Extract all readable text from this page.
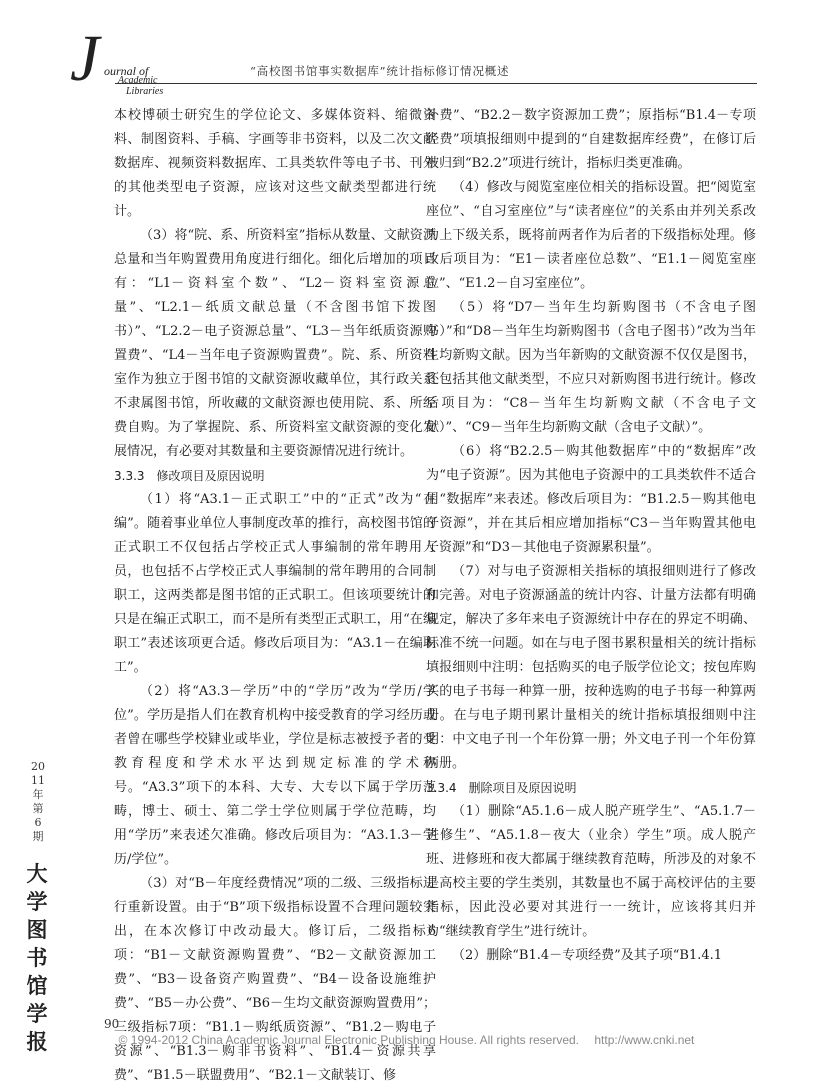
J ournal of
Academic
Libraries
“高校图书馆事实数据库”统计指标修订情况概述

本校博硕士研究生的学位论文、多媒体资料、缩微资料、制图资料、手稿、字画等非书资料，以及二次文献数据库、视频资料数据库、工具类软件等电子书、刊外的其他类型电子资源，应该对这些文献类型都进行统计。

（3）将“院、系、所资料室”指标从数量、文献资源总量和当年购置费用角度进行细化。细化后增加的项目有：“L1－资料室个数”、“L2－资料室资源总量”、“L2.1－纸质文献总量（不含图书馆下拨图书）”、“L2.2－电子资源总量”、“L3－当年纸质资源购置费”、“L4－当年电子资源购置费”。院、系、所资料室作为独立于图书馆的文献资源收藏单位，其行政关系不隶属图书馆，所收藏的文献资源也使用院、系、所经费自购。为了掌握院、系、所资料室文献资源的变化发展情况，有必要对其数量和主要资源情况进行统计。

3.3.3　修改项目及原因说明

（1）将“A3.1－正式职工”中的“正式”改为“在编”。随着事业单位人事制度改革的推行，高校图书馆的正式职工不仅包括占学校正式人事编制的常年聘用人员，也包括不占学校正式人事编制的常年聘用的合同制职工，这两类都是图书馆的正式职工。但该项要统计的只是在编正式职工，而不是所有类型正式职工，用“在编职工”表述该项更合适。修改后项目为：“A3.1－在编职工”。

（2）将“A3.3－学历”中的“学历”改为“学历/学位”。学历是指人们在教育机构中接受教育的学习经历或者曾在哪些学校肄业或毕业，学位是标志被授予者的受教育程度和学术水平达到规定标准的学术称号。“A3.3”项下的本科、大专、大专以下属于学历范畴，博士、硕士、第二学士学位则属于学位范畴，均用“学历”来表述欠准确。修改后项目为：“A3.1.3－学历/学位”。

（3）对“B－年度经费情况”项的二级、三级指标进行重新设置。由于“B”项下级指标设置不合理问题较突出，在本次修订中改动最大。修订后，二级指标6项：“B1－文献资源购置费”、“B2－文献资源加工费”、“B3－设备资产购置费”、“B4－设备设施维护费”、“B5－办公费”、“B6－生均文献资源购置费用”；三级指标7项：“B1.1－购纸质资源”、“B1.2－购电子资源”、“B1.3－购非书资料”、“B1.4－资源共享费”、“B1.5－联盟费用”、“B2.1－文献装订、修

补费”、“B2.2－数字资源加工费”；原指标“B1.4－专项经费”项填报细则中提到的“自建数据库经费”，在修订后被归到“B2.2”项进行统计，指标归类更准确。

（4）修改与阅览室座位相关的指标设置。把“阅览室座位”、“自习室座位”与“读者座位”的关系由并列关系改为上下级关系，既将前两者作为后者的下级指标处理。修改后项目为：“E1－读者座位总数”、“E1.1－阅览室座位”、“E1.2－自习室座位”。

（5）将“D7－当年生均新购图书（不含电子图书）”和“D8－当年生均新购图书（含电子图书）”改为当年生均新购文献。因为当年新购的文献资源不仅仅是图书，还包括其他文献类型，不应只对新购图书进行统计。修改后项目为：“C8－当年生均新购文献（不含电子文献）”、“C9－当年生均新购文献（含电子文献）”。

（6）将“B2.2.5－购其他数据库”中的“数据库”改为“电子资源”。因为其他电子资源中的工具类软件不适合用“数据库”来表述。修改后项目为：“B1.2.5－购其他电子资源”，并在其后相应增加指标“C3－当年购置其他电子资源”和“D3－其他电子资源累积量”。

（7）对与电子资源相关指标的填报细则进行了修改和完善。对电子资源涵盖的统计内容、计量方法都有明确规定，解决了多年来电子资源统计中存在的界定不明确、标准不统一问题。如在与电子图书累积量相关的统计指标填报细则中注明：包括购买的电子版学位论文；按包库购买的电子书每一种算一册，按种选购的电子书每一种算两册。在与电子期刊累计量相关的统计指标填报细则中注明：中文电子刊一个年份算一册；外文电子刊一个年份算两册。

3.3.4　删除项目及原因说明

（1）删除“A5.1.6－成人脱产班学生”、“A5.1.7－进修生”、“A5.1.8－夜大（业余）学生”项。成人脱产班、进修班和夜大都属于继续教育范畴，所涉及的对象不是高校主要的学生类别，其数量也不属于高校评估的主要指标，因此没必要对其进行一一统计，应该将其归并为“继续教育学生”进行统计。

（2）删除“B1.4－专项经费”及其子项“B1.4.1

2011年第6期
大学图书馆学报
90
© 1994-2012 China Academic Journal Electronic Publishing House. All rights reserved.　 http://www.cnki.net
